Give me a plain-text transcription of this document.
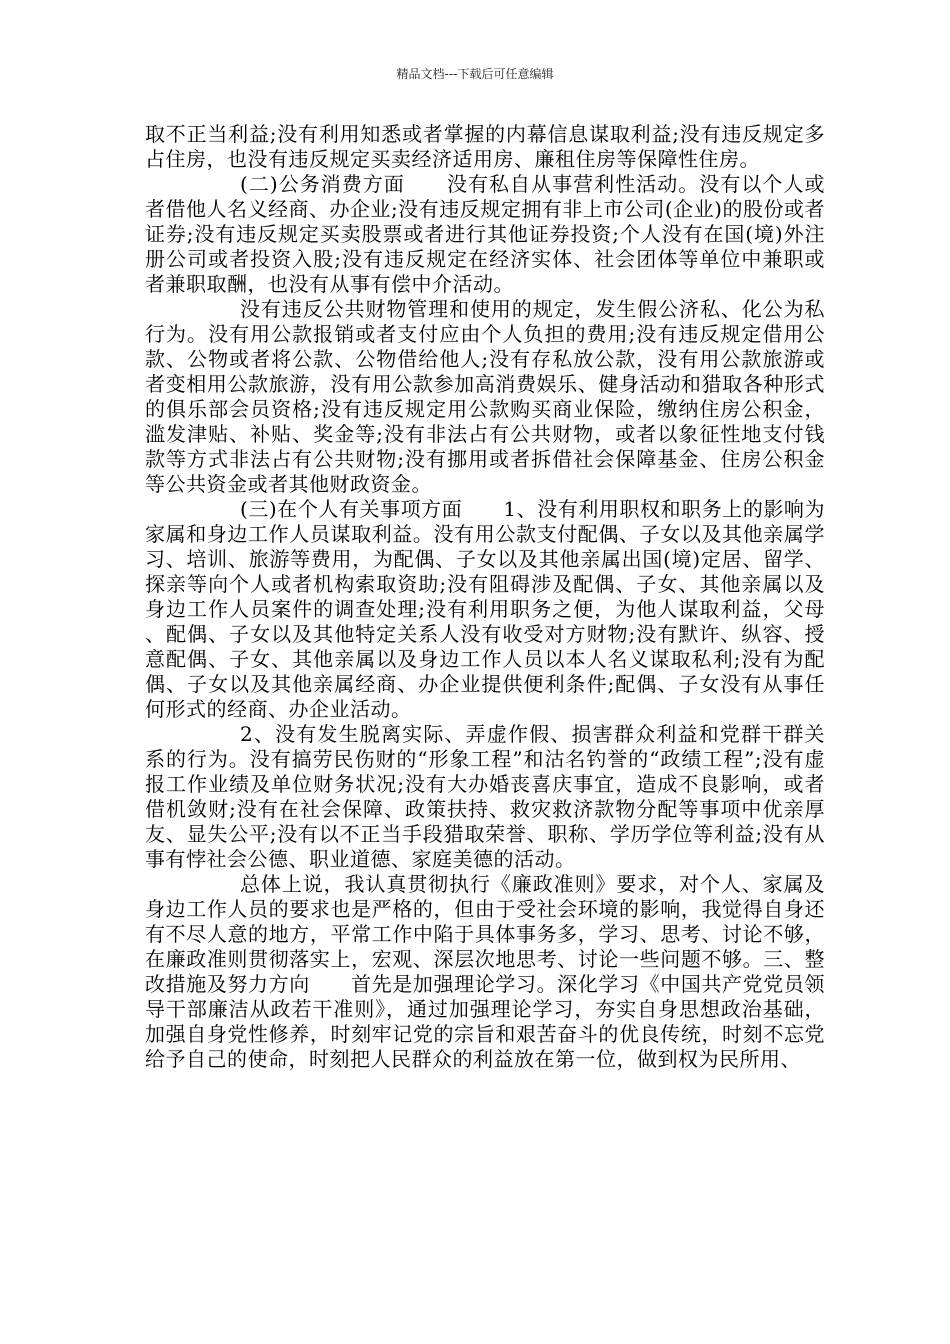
精品文档---下载后可任意编辑

取不正当利益;没有利用知悉或者掌握的内幕信息谋取利益;没有违反规定多占住房，也没有违反规定买卖经济适用房、廉租住房等保障性住房。

(二)公务消费方面　　没有私自从事营利性活动。没有以个人或者借他人名义经商、办企业;没有违反规定拥有非上市公司(企业)的股份或者证券;没有违反规定买卖股票或者进行其他证券投资;个人没有在国(境)外注册公司或者投资入股;没有违反规定在经济实体、社会团体等单位中兼职或者兼职取酬，也没有从事有偿中介活动。

没有违反公共财物管理和使用的规定，发生假公济私、化公为私行为。没有用公款报销或者支付应由个人负担的费用;没有违反规定借用公款、公物或者将公款、公物借给他人;没有存私放公款，没有用公款旅游或者变相用公款旅游，没有用公款参加高消费娱乐、健身活动和猎取各种形式的俱乐部会员资格;没有违反规定用公款购买商业保险，缴纳住房公积金，滥发津贴、补贴、奖金等;没有非法占有公共财物，或者以象征性地支付钱款等方式非法占有公共财物;没有挪用或者拆借社会保障基金、住房公积金等公共资金或者其他财政资金。

(三)在个人有关事项方面　　1、没有利用职权和职务上的影响为家属和身边工作人员谋取利益。没有用公款支付配偶、子女以及其他亲属学习、培训、旅游等费用，为配偶、子女以及其他亲属出国(境)定居、留学、探亲等向个人或者机构索取资助;没有阻碍涉及配偶、子女、其他亲属以及身边工作人员案件的调查处理;没有利用职务之便，为他人谋取利益，父母、配偶、子女以及其他特定关系人没有收受对方财物;没有默许、纵容、授意配偶、子女、其他亲属以及身边工作人员以本人名义谋取私利;没有为配偶、子女以及其他亲属经商、办企业提供便利条件;配偶、子女没有从事任何形式的经商、办企业活动。

2、没有发生脱离实际、弄虚作假、损害群众利益和党群干群关系的行为。没有搞劳民伤财的“形象工程”和沽名钓誉的“政绩工程”;没有虚报工作业绩及单位财务状况;没有大办婚丧喜庆事宜，造成不良影响，或者借机敛财;没有在社会保障、政策扶持、救灾救济款物分配等事项中优亲厚友、显失公平;没有以不正当手段猎取荣誉、职称、学历学位等利益;没有从事有悖社会公德、职业道德、家庭美德的活动。

总体上说，我认真贯彻执行《廉政准则》要求，对个人、家属及身边工作人员的要求也是严格的，但由于受社会环境的影响，我觉得自身还有不尽人意的地方，平常工作中陷于具体事务多，学习、思考、讨论不够，在廉政准则贯彻落实上，宏观、深层次地思考、讨论一些问题不够。三、整改措施及努力方向　　首先是加强理论学习。深化学习《中国共产党党员领导干部廉洁从政若干准则》，通过加强理论学习，夯实自身思想政治基础，加强自身党性修养，时刻牢记党的宗旨和艰苦奋斗的优良传统，时刻不忘党给予自己的使命，时刻把人民群众的利益放在第一位，做到权为民所用、
